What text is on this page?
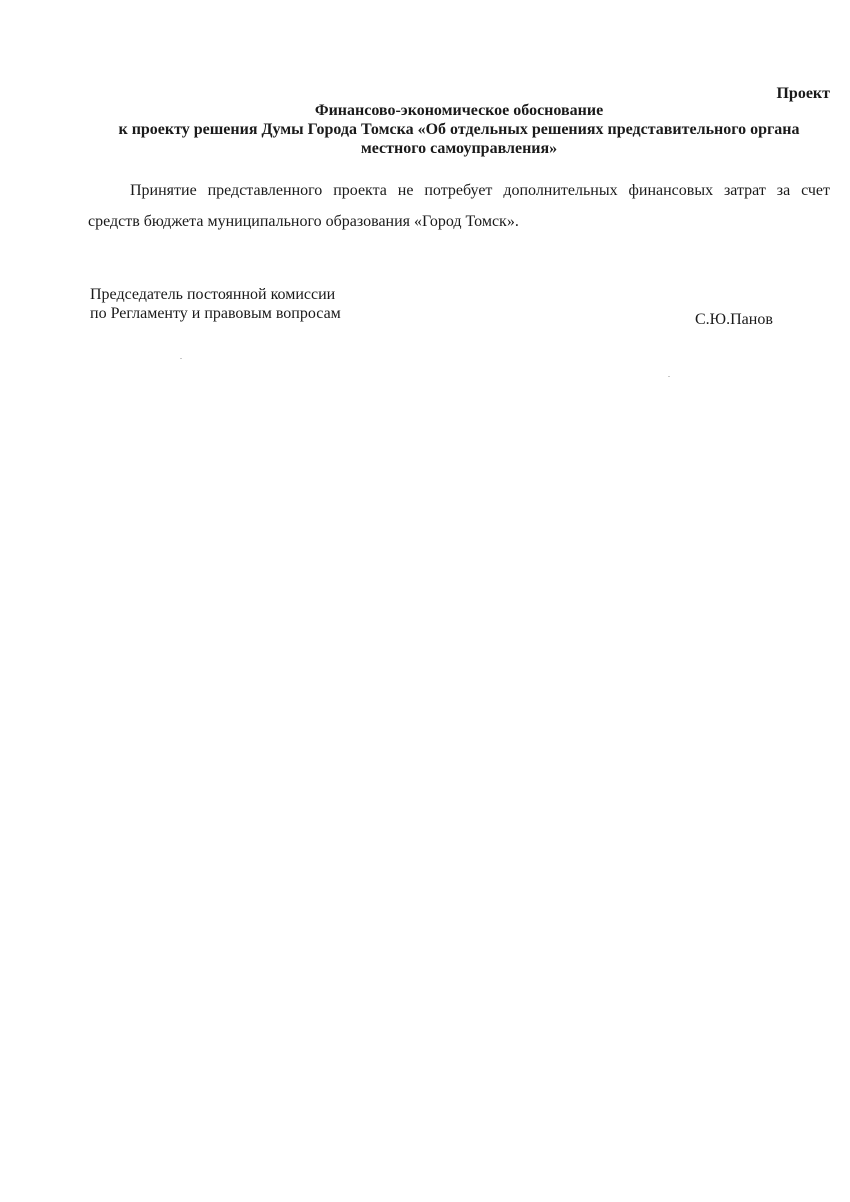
Проект
Финансово-экономическое обоснование
к проекту решения Думы Города Томска «Об отдельных решениях представительного органа
местного самоуправления»
Принятие представленного проекта не потребует дополнительных финансовых затрат за счет
средств бюджета муниципального образования «Город Томск».
Председатель постоянной комиссии
по Регламенту и правовым вопросам	С.Ю.Панов
